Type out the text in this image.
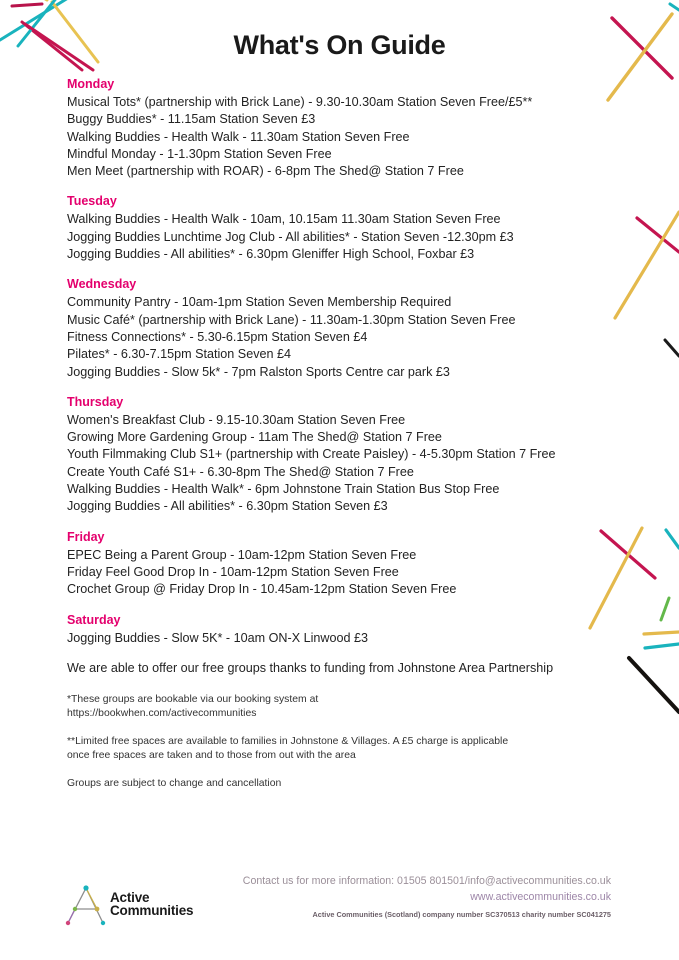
What's On Guide
Monday
Musical Tots* (partnership with Brick Lane) - 9.30-10.30am Station Seven Free/£5**
Buggy Buddies* - 11.15am Station Seven £3
Walking Buddies - Health Walk - 11.30am Station Seven Free
Mindful Monday - 1-1.30pm Station Seven Free
Men Meet (partnership with ROAR) - 6-8pm The Shed@ Station 7 Free
Tuesday
Walking Buddies - Health Walk - 10am, 10.15am 11.30am Station Seven Free
Jogging Buddies Lunchtime Jog Club - All abilities* - Station Seven -12.30pm £3
Jogging Buddies - All abilities* - 6.30pm Gleniffer High School, Foxbar £3
Wednesday
Community Pantry - 10am-1pm Station Seven Membership Required
Music Café* (partnership with Brick Lane) - 11.30am-1.30pm Station Seven Free
Fitness Connections* - 5.30-6.15pm Station Seven £4
Pilates* - 6.30-7.15pm Station Seven £4
Jogging Buddies - Slow 5k* - 7pm Ralston Sports Centre car park £3
Thursday
Women's Breakfast Club - 9.15-10.30am Station Seven Free
Growing More Gardening Group - 11am The Shed@ Station 7 Free
Youth Filmmaking Club S1+ (partnership with Create Paisley) - 4-5.30pm Station 7 Free
Create Youth Café S1+ - 6.30-8pm The Shed@ Station 7 Free
Walking Buddies - Health Walk* - 6pm Johnstone Train Station Bus Stop Free
Jogging Buddies - All abilities* - 6.30pm Station Seven £3
Friday
EPEC Being a Parent Group - 10am-12pm Station Seven Free
Friday Feel Good Drop In - 10am-12pm Station Seven Free
Crochet Group @ Friday Drop In - 10.45am-12pm Station Seven Free
Saturday
Jogging Buddies - Slow 5K* - 10am ON-X Linwood £3
We are able to offer our free groups thanks to funding from Johnstone Area Partnership
*These groups are bookable via our booking system at
https://bookwhen.com/activecommunities
**Limited free spaces are available to families in Johnstone & Villages. A £5 charge is applicable
once free spaces are taken and to those from out with the area
Groups are subject to change and cancellation
Active
Communities
Contact us for more information: 01505 801501/info@activecommunities.co.uk
www.activecommunities.co.uk
Active Communities (Scotland) company number SC370513 charity number SC041275
